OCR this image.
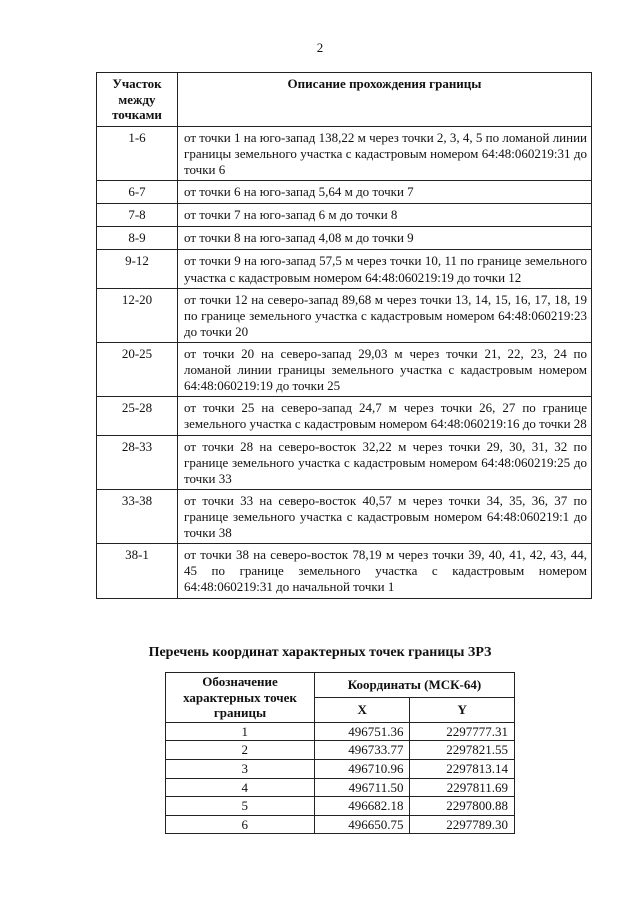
2
Участок между точками	Описание прохождения границы
1-6	от точки 1 на юго-запад 138,22 м через точки 2, 3, 4, 5 по ломаной линии границы земельного участка с кадастровым номером 64:48:060219:31 до точки 6
6-7	от точки 6 на юго-запад 5,64 м до точки 7
7-8	от точки 7 на юго-запад 6 м до точки 8
8-9	от точки 8 на юго-запад 4,08 м до точки 9
9-12	от точки 9 на юго-запад 57,5 м через точки 10, 11 по границе земельного участка с кадастровым номером 64:48:060219:19 до точки 12
12-20	от точки 12 на северо-запад 89,68 м через точки 13, 14, 15, 16, 17, 18, 19 по границе земельного участка с кадастровым номером 64:48:060219:23 до точки 20
20-25	от точки 20 на северо-запад 29,03 м через точки 21, 22, 23, 24 по ломаной линии границы земельного участка с кадастровым номером 64:48:060219:19 до точки 25
25-28	от точки 25 на северо-запад 24,7 м через точки 26, 27 по границе земельного участка с кадастровым номером 64:48:060219:16 до точки 28
28-33	от точки 28 на северо-восток 32,22 м через точки 29, 30, 31, 32 по границе земельного участка с кадастровым номером 64:48:060219:25 до точки 33
33-38	от точки 33 на северо-восток 40,57 м через точки 34, 35, 36, 37 по границе земельного участка с кадастровым номером 64:48:060219:1 до точки 38
38-1	от точки 38 на северо-восток 78,19 м через точки 39, 40, 41, 42, 43, 44, 45 по границе земельного участка с кадастровым номером 64:48:060219:31 до начальной точки 1
Перечень координат характерных точек границы ЗРЗ
Обозначение характерных точек границы	Координаты (МСК-64)	
	X	Y
1	496751.36	2297777.31
2	496733.77	2297821.55
3	496710.96	2297813.14
4	496711.50	2297811.69
5	496682.18	2297800.88
6	496650.75	2297789.30
